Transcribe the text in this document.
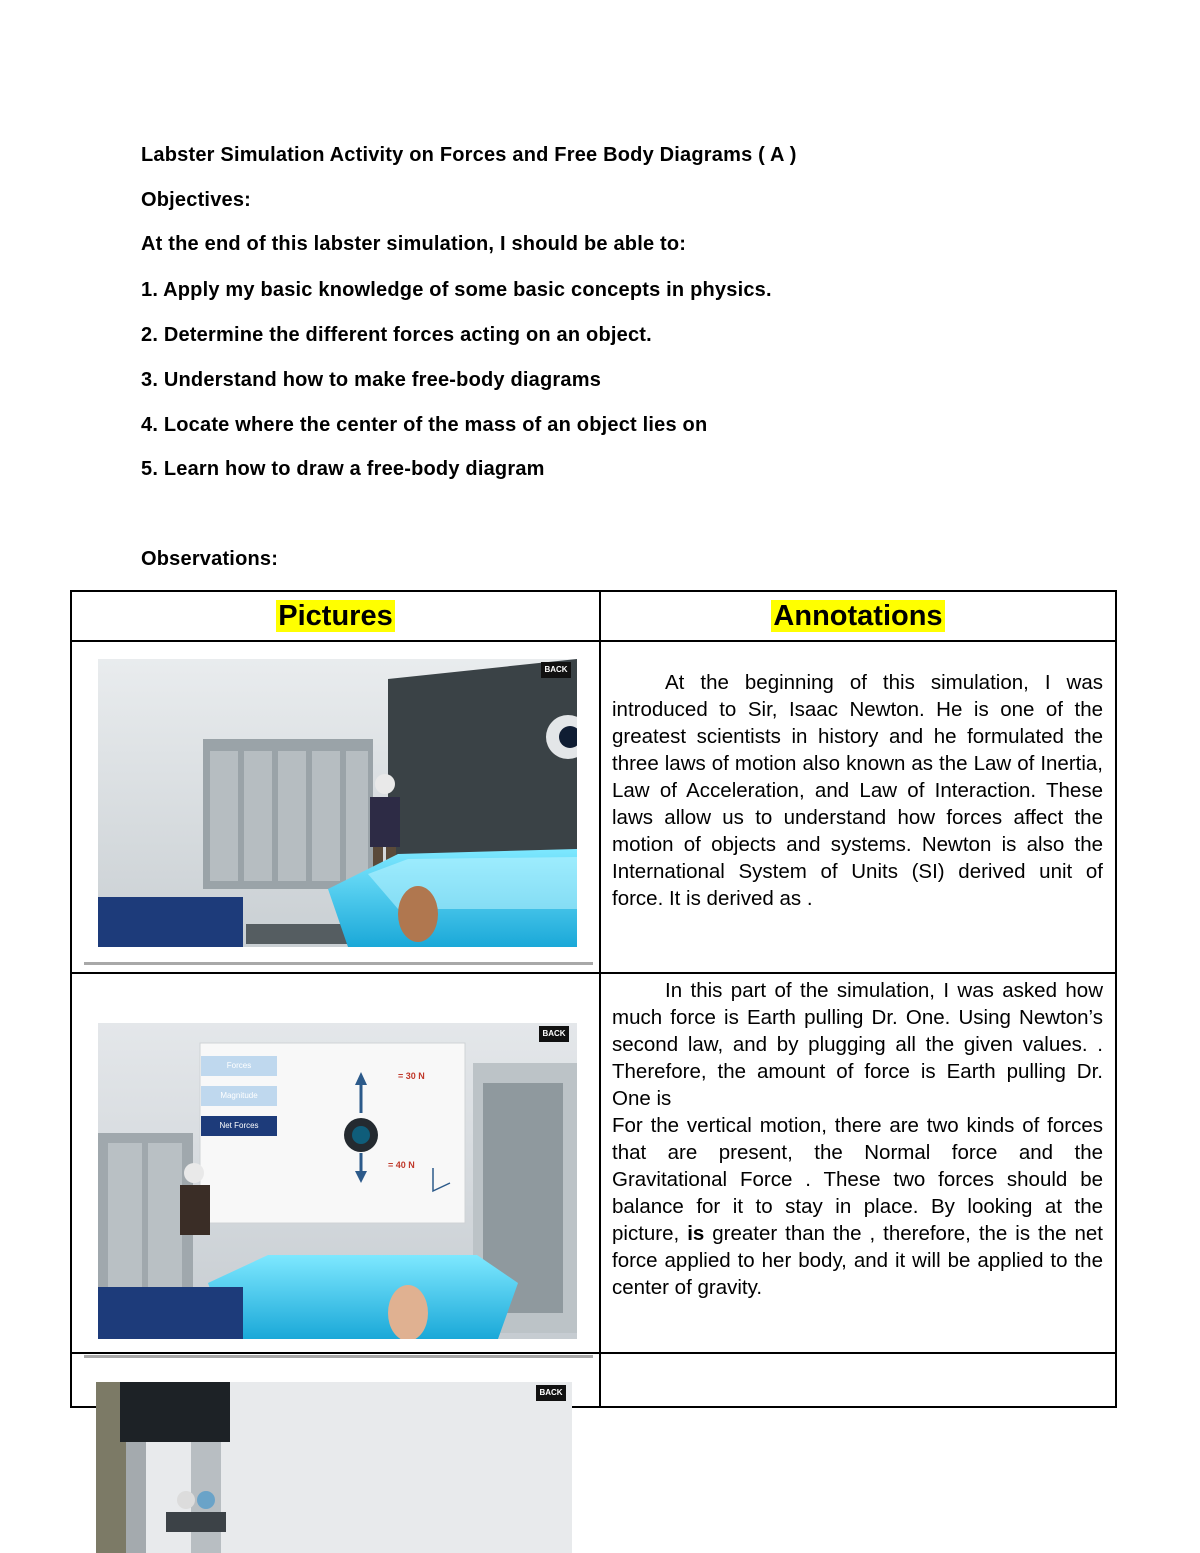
Labster Simulation Activity on Forces and Free Body Diagrams ( A )
Objectives:
At the end of this labster simulation, I should be able to:
1. Apply my basic knowledge of some basic concepts in physics.
2. Determine the different forces acting on an object.
3. Understand how to make free-body diagrams
4. Locate where the center of the mass of an object lies on
5. Learn how to draw a free-body diagram
Observations:
Pictures	Annotations

	At the beginning of this simulation, I was introduced to Sir, Isaac Newton. He is one of the greatest scientists in history and he formulated the three laws of motion also known as the Law of Inertia, Law of Acceleration, and Law of Interaction. These laws allow us to understand how forces affect the motion of objects and systems. Newton is also the International System of Units (SI) derived unit of force. It is derived as .

	In this part of the simulation, I was asked how much force is Earth pulling Dr. One. Using Newton’s second law, and by plugging all the given values. . Therefore, the amount of force is Earth pulling Dr. One is

For the vertical motion, there are two kinds of forces that are present, the Normal force and the Gravitational Force . These two forces should be balance for it to stay in place. By looking at the picture, is greater than the , therefore, the is the net force applied to her body, and it will be applied to the center of gravity.

BACK
Forces
Magnitude
Net Forces
= 30 N
= 40 N
BACK
BACK
